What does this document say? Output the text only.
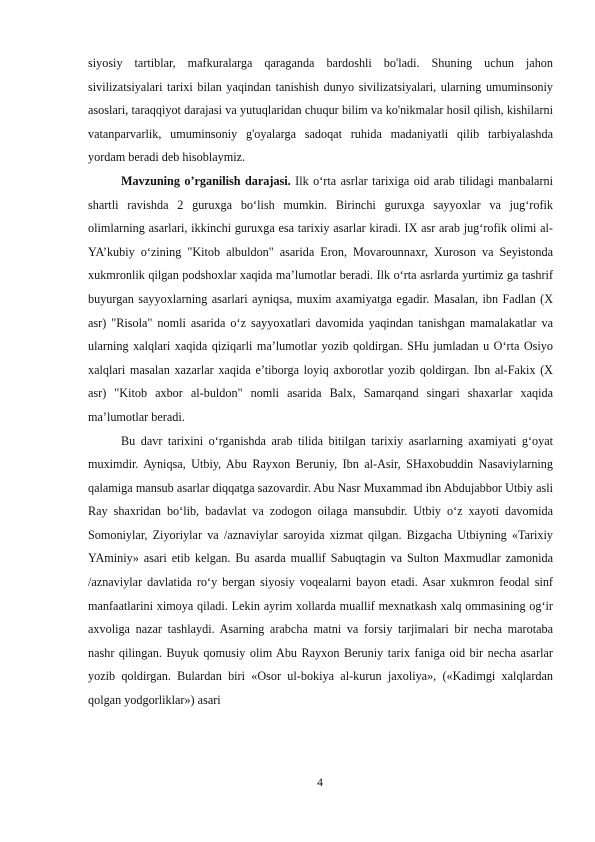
siyosiy tartiblar, mafkuralarga qaraganda bardoshli bo'ladi. Shuning uchun jahon sivilizatsiyalari tarixi bilan yaqindan tanishish dunyo sivilizatsiyalari, ularning umuminsoniy asoslari, taraqqiyot darajasi va yutuqlaridan chuqur bilim va ko'nikmalar hosil qilish, kishilarni vatanparvarlik, umuminsoniy g'oyalarga sadoqat ruhida madaniyatli qilib tarbiyalashda yordam beradi deb hisoblaymiz.

Mavzuning o’rganilish darajasi. Ilk o‘rta asrlar tarixiga oid arab tilidagi manbalarni shartli ravishda 2 guruxga bo‘lish mumkin. Birinchi guruxga sayyoxlar va jug‘rofik olimlarning asarlari, ikkinchi guruxga esa tarixiy asarlar kiradi. IX asr arab jug‘rofik olimi al-YA’kubiy o‘zining "Kitob albuldon" asarida Eron, Movarounnaxr, Xuroson va Seyistonda xukmronlik qilgan podshoxlar xaqida ma’lumotlar beradi. Ilk o‘rta asrlarda yurtimiz ga tashrif buyurgan sayyoxlarning asarlari ayniqsa, muxim axamiyatga egadir. Masalan, ibn Fadlan (X asr) "Risola" nomli asarida o‘z sayyoxatlari davomida yaqindan tanishgan mamalakatlar va ularning xalqlari xaqida qiziqarli ma’lumotlar yozib qoldirgan. SHu jumladan u O‘rta Osiyo xalqlari masalan xazarlar xaqida e’tiborga loyiq axborotlar yozib qoldirgan. Ibn al-Fakix (X asr) "Kitob axbor al-buldon" nomli asarida Balx, Samarqand singari shaxarlar xaqida ma’lumotlar beradi.

Bu davr tarixini o‘rganishda arab tilida bitilgan tarixiy asarlarning axamiyati g‘oyat muximdir. Ayniqsa, Utbiy, Abu Rayxon Beruniy, Ibn al-Asir, SHaxobuddin Nasaviylarning qalamiga mansub asarlar diqqatga sazovardir. Abu Nasr Muxammad ibn Abdujabbor Utbiy asli Ray shaxridan bo‘lib, badavlat va zodogon oilaga mansubdir. Utbiy o‘z xayoti davomida Somoniylar, Ziyoriylar va /aznaviylar saroyida xizmat qilgan. Bizgacha Utbiyning «Tarixiy YAminiy» asari etib kelgan. Bu asarda muallif Sabuqtagin va Sulton Maxmudlar zamonida /aznaviylar davlatida ro‘y bergan siyosiy voqealarni bayon etadi. Asar xukmron feodal sinf manfaatlarini ximoya qiladi. Lekin ayrim xollarda muallif mexnatkash xalq ommasining og‘ir axvoliga nazar tashlaydi. Asarning arabcha matni va forsiy tarjimalari bir necha marotaba nashr qilingan. Buyuk qomusiy olim Abu Rayxon Beruniy tarix faniga oid bir necha asarlar yozib qoldirgan. Bulardan biri «Osor ul-bokiya al-kurun jaxoliya», («Kadimgi xalqlardan qolgan yodgorliklar») asari

4
